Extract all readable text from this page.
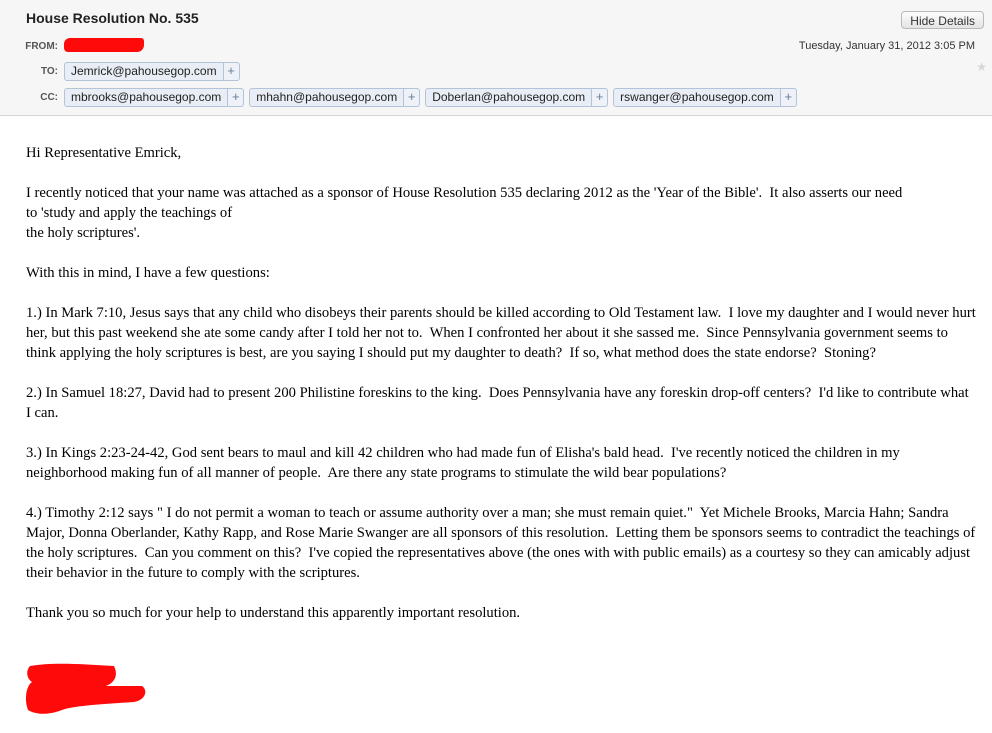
House Resolution No. 535	Hide Details
FROM:	Tuesday, January 31, 2012 3:05 PM
★
TO:	Jemrick@pahousegop.com +
CC:	mbrooks@pahousegop.com +	mhahn@pahousegop.com +	Doberlan@pahousegop.com +	rswanger@pahousegop.com +

Hi Representative Emrick,

I recently noticed that your name was attached as a sponsor of House Resolution 535 declaring 2012 as the 'Year of the Bible'.  It also asserts our need
to 'study and apply the teachings of
the holy scriptures'.

With this in mind, I have a few questions:

1.) In Mark 7:10, Jesus says that any child who disobeys their parents should be killed according to Old Testament law.  I love my daughter and I would never hurt her, but this past weekend she ate some candy after I told her not to.  When I confronted her about it she sassed me.  Since Pennsylvania government seems to think applying the holy scriptures is best, are you saying I should put my daughter to death?  If so, what method does the state endorse?  Stoning?

2.) In Samuel 18:27, David had to present 200 Philistine foreskins to the king.  Does Pennsylvania have any foreskin drop-off centers?  I'd like to contribute what I can.

3.) In Kings 2:23-24-42, God sent bears to maul and kill 42 children who had made fun of Elisha's bald head.  I've recently noticed the children in my neighborhood making fun of all manner of people.  Are there any state programs to stimulate the wild bear populations?

4.) Timothy 2:12 says " I do not permit a woman to teach or assume authority over a man; she must remain quiet."  Yet Michele Brooks, Marcia Hahn; Sandra Major, Donna Oberlander, Kathy Rapp, and Rose Marie Swanger are all sponsors of this resolution.  Letting them be sponsors seems to contradict the teachings of the holy scriptures.  Can you comment on this?  I've copied the representatives above (the ones with with public emails) as a courtesy so they can amicably adjust their behavior in the future to comply with the scriptures.

Thank you so much for your help to understand this apparently important resolution.
